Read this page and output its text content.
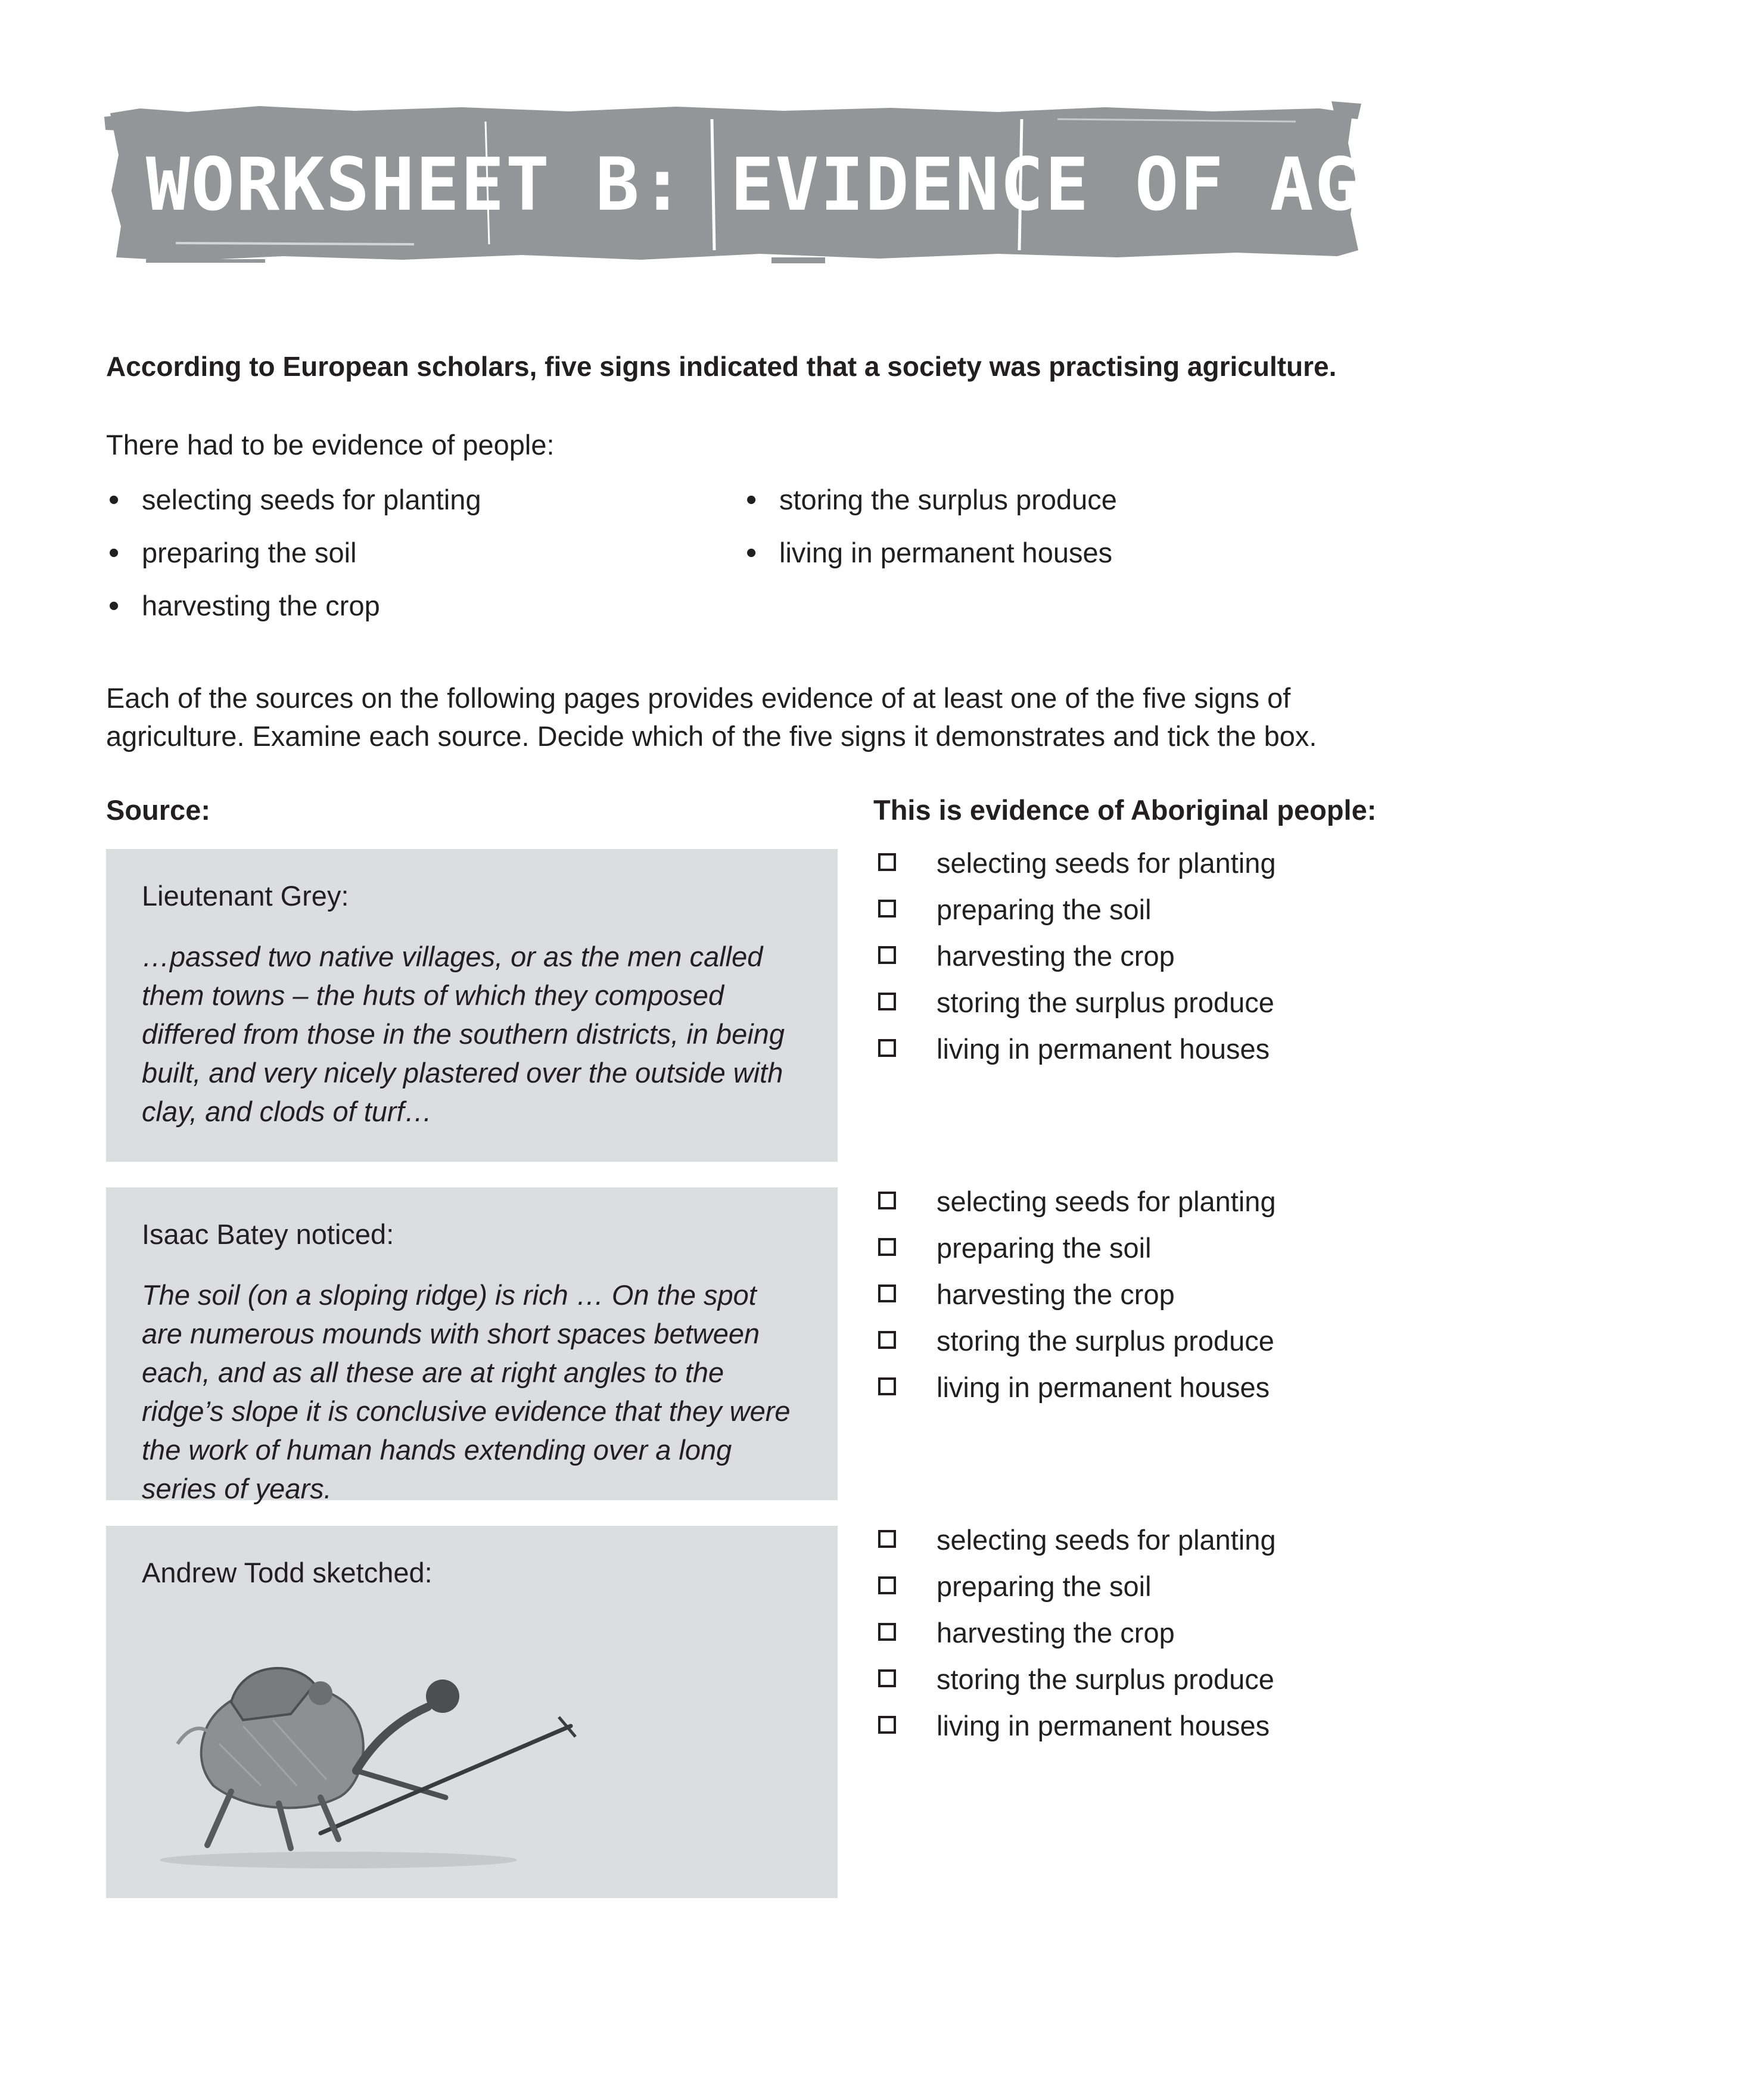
WORKSHEET B: EVIDENCE OF AGRICULTURE
According to European scholars, five signs indicated that a society was practising agriculture.
There had to be evidence of people:
• selecting seeds for planting
• preparing the soil
• harvesting the crop
• storing the surplus produce
• living in permanent houses
Each of the sources on the following pages provides evidence of at least one of the five signs of agriculture. Examine each source. Decide which of the five signs it demonstrates and tick the box.
Source:	This is evidence of Aboriginal people:
Lieutenant Grey:
…passed two native villages, or as the men called them towns – the huts of which they composed differed from those in the southern districts, in being built, and very nicely plastered over the outside with clay, and clods of turf…
selecting seeds for planting
preparing the soil
harvesting the crop
storing the surplus produce
living in permanent houses
Isaac Batey noticed:
The soil (on a sloping ridge) is rich … On the spot are numerous mounds with short spaces between each, and as all these are at right angles to the ridge’s slope it is conclusive evidence that they were the work of human hands extending over a long series of years.
selecting seeds for planting
preparing the soil
harvesting the crop
storing the surplus produce
living in permanent houses
Andrew Todd sketched:
selecting seeds for planting
preparing the soil
harvesting the crop
storing the surplus produce
living in permanent houses
